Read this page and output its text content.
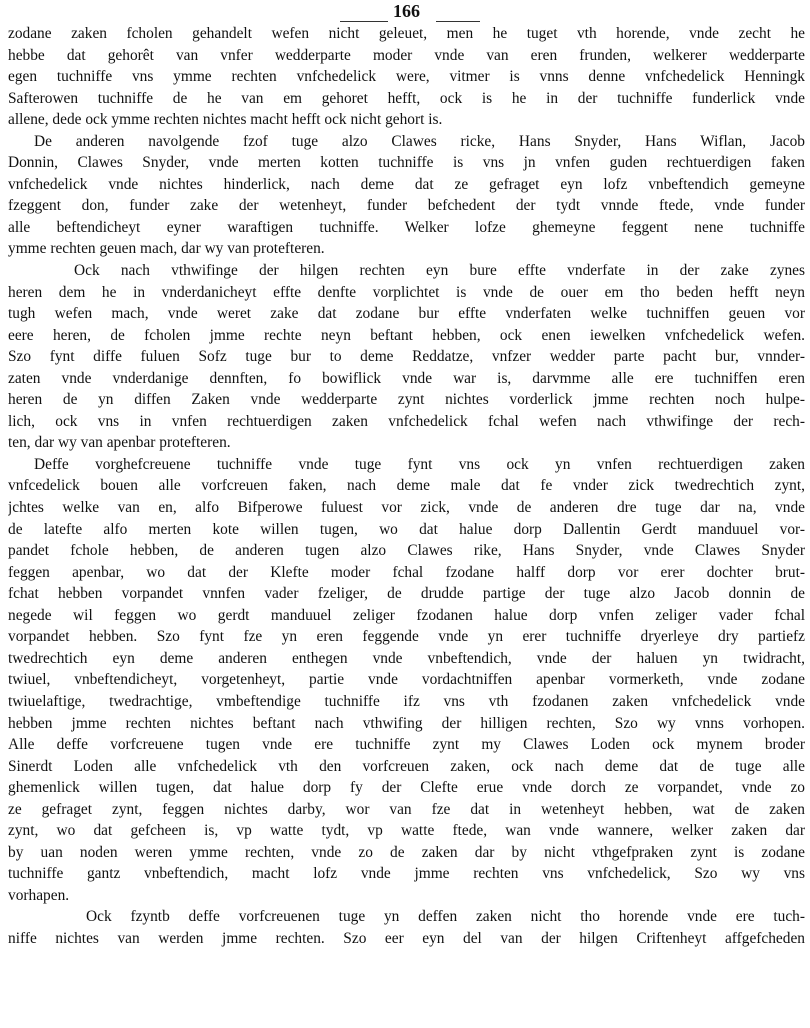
166
zodane zaken fcholen gehandelt wefen nicht geleuet, men he tuget vth horende, vnde zecht he
hebbe dat gehorêt van vnfer wedderparte moder vnde van eren frunden, welkerer wedderparte
egen tuchniffe vns ymme rechten vnfchedelick were, vitmer is vnns denne vnfchedelick Henningk
Safterowen tuchniffe de he van em gehoret hefft, ock is he in der tuchniffe funderlick vnde
allene, dede ock ymme rechten nichtes macht hefft ock nicht gehort is.
De anderen navolgende fzof tuge alzo Clawes ricke, Hans Snyder, Hans Wiflan, Jacob
Donnin, Clawes Snyder, vnde merten kotten tuchniffe is vns jn vnfen guden rechtuerdigen faken
vnfchedelick vnde nichtes hinderlick, nach deme dat ze gefraget eyn lofz vnbeftendich gemeyne
fzeggent don, funder zake der wetenheyt, funder befchedent der tydt vnnde ftede, vnde funder
alle beftendicheyt eyner waraftigen tuchniffe. Welker lofze ghemeyne feggent nene tuchniffe
ymme rechten geuen mach, dar wy van protefteren.
Ock nach vthwifinge der hilgen rechten eyn bure effte vnderfate in der zake zynes
heren dem he in vnderdanicheyt effte denfte vorplichtet is vnde de ouer em tho beden hefft neyn
tugh wefen mach, vnde weret zake dat zodane bur effte vnderfaten welke tuchniffen geuen vor
eere heren, de fcholen jmme rechte neyn beftant hebben, ock enen iewelken vnfchedelick wefen.
Szo fynt diffe fuluen Sofz tuge bur to deme Reddatze, vnfzer wedder parte pacht bur, vnnder-
zaten vnde vnderdanige dennften, fo bowiflick vnde war is, darvmme alle ere tuchniffen eren
heren de yn diffen Zaken vnde wedderparte zynt nichtes vorderlick jmme rechten noch hulpe-
lich, ock vns in vnfen rechtuerdigen zaken vnfchedelick fchal wefen nach vthwifinge der rech-
ten, dar wy van apenbar protefteren.
Deffe vorghefcreuene tuchniffe vnde tuge fynt vns ock yn vnfen rechtuerdigen zaken
vnfcedelick bouen alle vorfcreuen faken, nach deme male dat fe vnder zick twedrechtich zynt,
jchtes welke van en, alfo Bifperowe fuluest vor zick, vnde de anderen dre tuge dar na, vnde
de latefte alfo merten kote willen tugen, wo dat halue dorp Dallentin Gerdt manduuel vor-
pandet fchole hebben, de anderen tugen alzo Clawes rike, Hans Snyder, vnde Clawes Snyder
feggen apenbar, wo dat der Klefte moder fchal fzodane halff dorp vor erer dochter brut-
fchat hebben vorpandet vnnfen vader fzeliger, de drudde partige der tuge alzo Jacob donnin de
negede wil feggen wo gerdt manduuel zeliger fzodanen halue dorp vnfen zeliger vader fchal
vorpandet hebben. Szo fynt fze yn eren feggende vnde yn erer tuchniffe dryerleye dry partiefz
twedrechtich eyn deme anderen enthegen vnde vnbeftendich, vnde der haluen yn twidracht,
twiuel, vnbeftendicheyt, vorgetenheyt, partie vnde vordachtniffen apenbar vormerketh, vnde zodane
twiuelaftige, twedrachtige, vmbeftendige tuchniffe ifz vns vth fzodanen zaken vnfchedelick vnde
hebben jmme rechten nichtes beftant nach vthwifing der hilligen rechten, Szo wy vnns vorhopen.
Alle deffe vorfcreuene tugen vnde ere tuchniffe zynt my Clawes Loden ock mynem broder
Sinerdt Loden alle vnfchedelick vth den vorfcreuen zaken, ock nach deme dat de tuge alle
ghemenlick willen tugen, dat halue dorp fy der Clefte erue vnde dorch ze vorpandet, vnde zo
ze gefraget zynt, feggen nichtes darby, wor van fze dat in wetenheyt hebben, wat de zaken
zynt, wo dat gefcheen is, vp watte tydt, vp watte ftede, wan vnde wannere, welker zaken dar
by uan noden weren ymme rechten, vnde zo de zaken dar by nicht vthgefpraken zynt is zodane
tuchniffe gantz vnbeftendich, macht lofz vnde jmme rechten vns vnfchedelick, Szo wy vns
vorhapen.
Ock fzyntb deffe vorfcreuenen tuge yn deffen zaken nicht tho horende vnde ere tuch-
niffe nichtes van werden jmme rechten. Szo eer eyn del van der hilgen Criftenheyt affgefcheden
